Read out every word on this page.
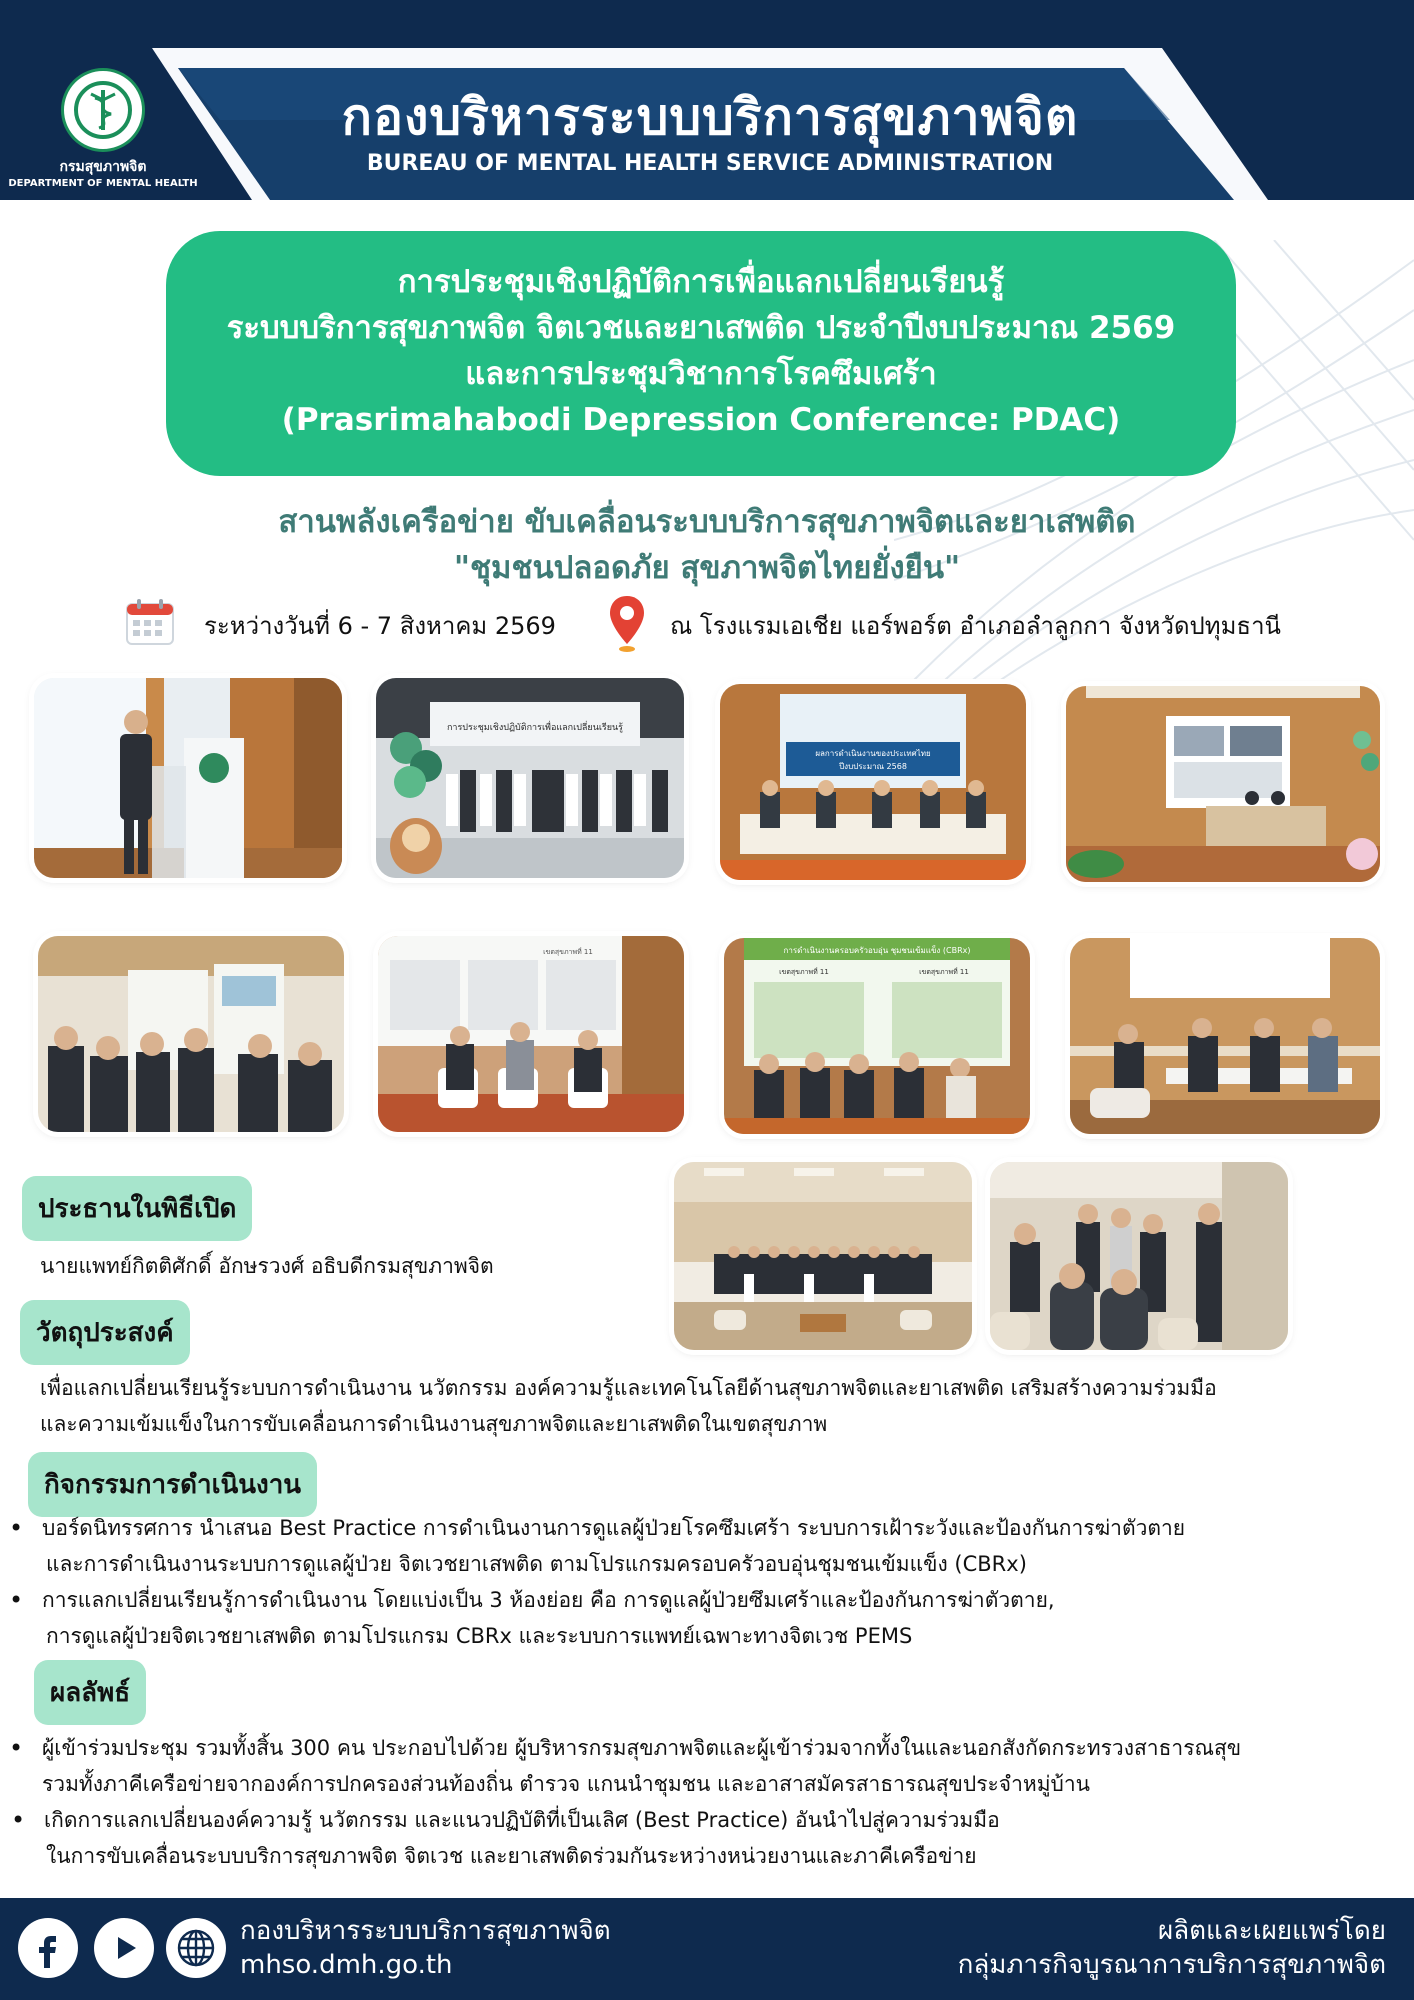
กรมสุขภาพจิต
DEPARTMENT OF MENTAL HEALTH
กองบริหารระบบบริการสุขภาพจิต
BUREAU OF MENTAL HEALTH SERVICE ADMINISTRATION
การประชุมเชิงปฏิบัติการเพื่อแลกเปลี่ยนเรียนรู้
ระบบบริการสุขภาพจิต จิตเวชและยาเสพติด ประจำปีงบประมาณ 2569
และการประชุมวิชาการโรคซึมเศร้า
(Prasrimahabodi Depression Conference: PDAC)
สานพลังเครือข่าย ขับเคลื่อนระบบบริการสุขภาพจิตและยาเสพติด
"ชุมชนปลอดภัย สุขภาพจิตไทยยั่งยืน"
ระหว่างวันที่ 6 - 7 สิงหาคม 2569	ณ โรงแรมเอเชีย แอร์พอร์ต อำเภอลำลูกกา จังหวัดปทุมธานี
การประชุมเชิงปฏิบัติการเพื่อแลกเปลี่ยนเรียนรู้
ผลการดำเนินงานของประเทศไทย
ปีงบประมาณ 2568
เขตสุขภาพที่ 11	การดำเนินงานครอบครัวอบอุ่น ชุมชนเข้มแข็ง (CBRx)
เขตสุขภาพที่ 11	เขตสุขภาพที่ 11
ประธานในพิธีเปิด
นายแพทย์กิตติศักดิ์ อักษรวงศ์ อธิบดีกรมสุขภาพจิต
วัตถุประสงค์
เพื่อแลกเปลี่ยนเรียนรู้ระบบการดำเนินงาน นวัตกรรม องค์ความรู้และเทคโนโลยีด้านสุขภาพจิตและยาเสพติด เสริมสร้างความร่วมมือ
และความเข้มแข็งในการขับเคลื่อนการดำเนินงานสุขภาพจิตและยาเสพติดในเขตสุขภาพ
กิจกรรมการดำเนินงาน
• บอร์ดนิทรรศการ นำเสนอ Best Practice การดำเนินงานการดูแลผู้ป่วยโรคซึมเศร้า ระบบการเฝ้าระวังและป้องกันการฆ่าตัวตาย
และการดำเนินงานระบบการดูแลผู้ป่วย จิตเวชยาเสพติด ตามโปรแกรมครอบครัวอบอุ่นชุมชนเข้มแข็ง (CBRx)
• การแลกเปลี่ยนเรียนรู้การดำเนินงาน โดยแบ่งเป็น 3 ห้องย่อย คือ การดูแลผู้ป่วยซึมเศร้าและป้องกันการฆ่าตัวตาย,
การดูแลผู้ป่วยจิตเวชยาเสพติด ตามโปรแกรม CBRx และระบบการแพทย์เฉพาะทางจิตเวช PEMS
ผลลัพธ์
• ผู้เข้าร่วมประชุม รวมทั้งสิ้น 300 คน ประกอบไปด้วย ผู้บริหารกรมสุขภาพจิตและผู้เข้าร่วมจากทั้งในและนอกสังกัดกระทรวงสาธารณสุข
รวมทั้งภาคีเครือข่ายจากองค์การปกครองส่วนท้องถิ่น ตำรวจ แกนนำชุมชน และอาสาสมัครสาธารณสุขประจำหมู่บ้าน
• เกิดการแลกเปลี่ยนองค์ความรู้ นวัตกรรม และแนวปฏิบัติที่เป็นเลิศ (Best Practice) อันนำไปสู่ความร่วมมือ
ในการขับเคลื่อนระบบบริการสุขภาพจิต จิตเวช และยาเสพติดร่วมกันระหว่างหน่วยงานและภาคีเครือข่าย
กองบริหารระบบบริการสุขภาพจิต
mhso.dmh.go.th
ผลิตและเผยแพร่โดย
กลุ่มภารกิจบูรณาการบริการสุขภาพจิต
